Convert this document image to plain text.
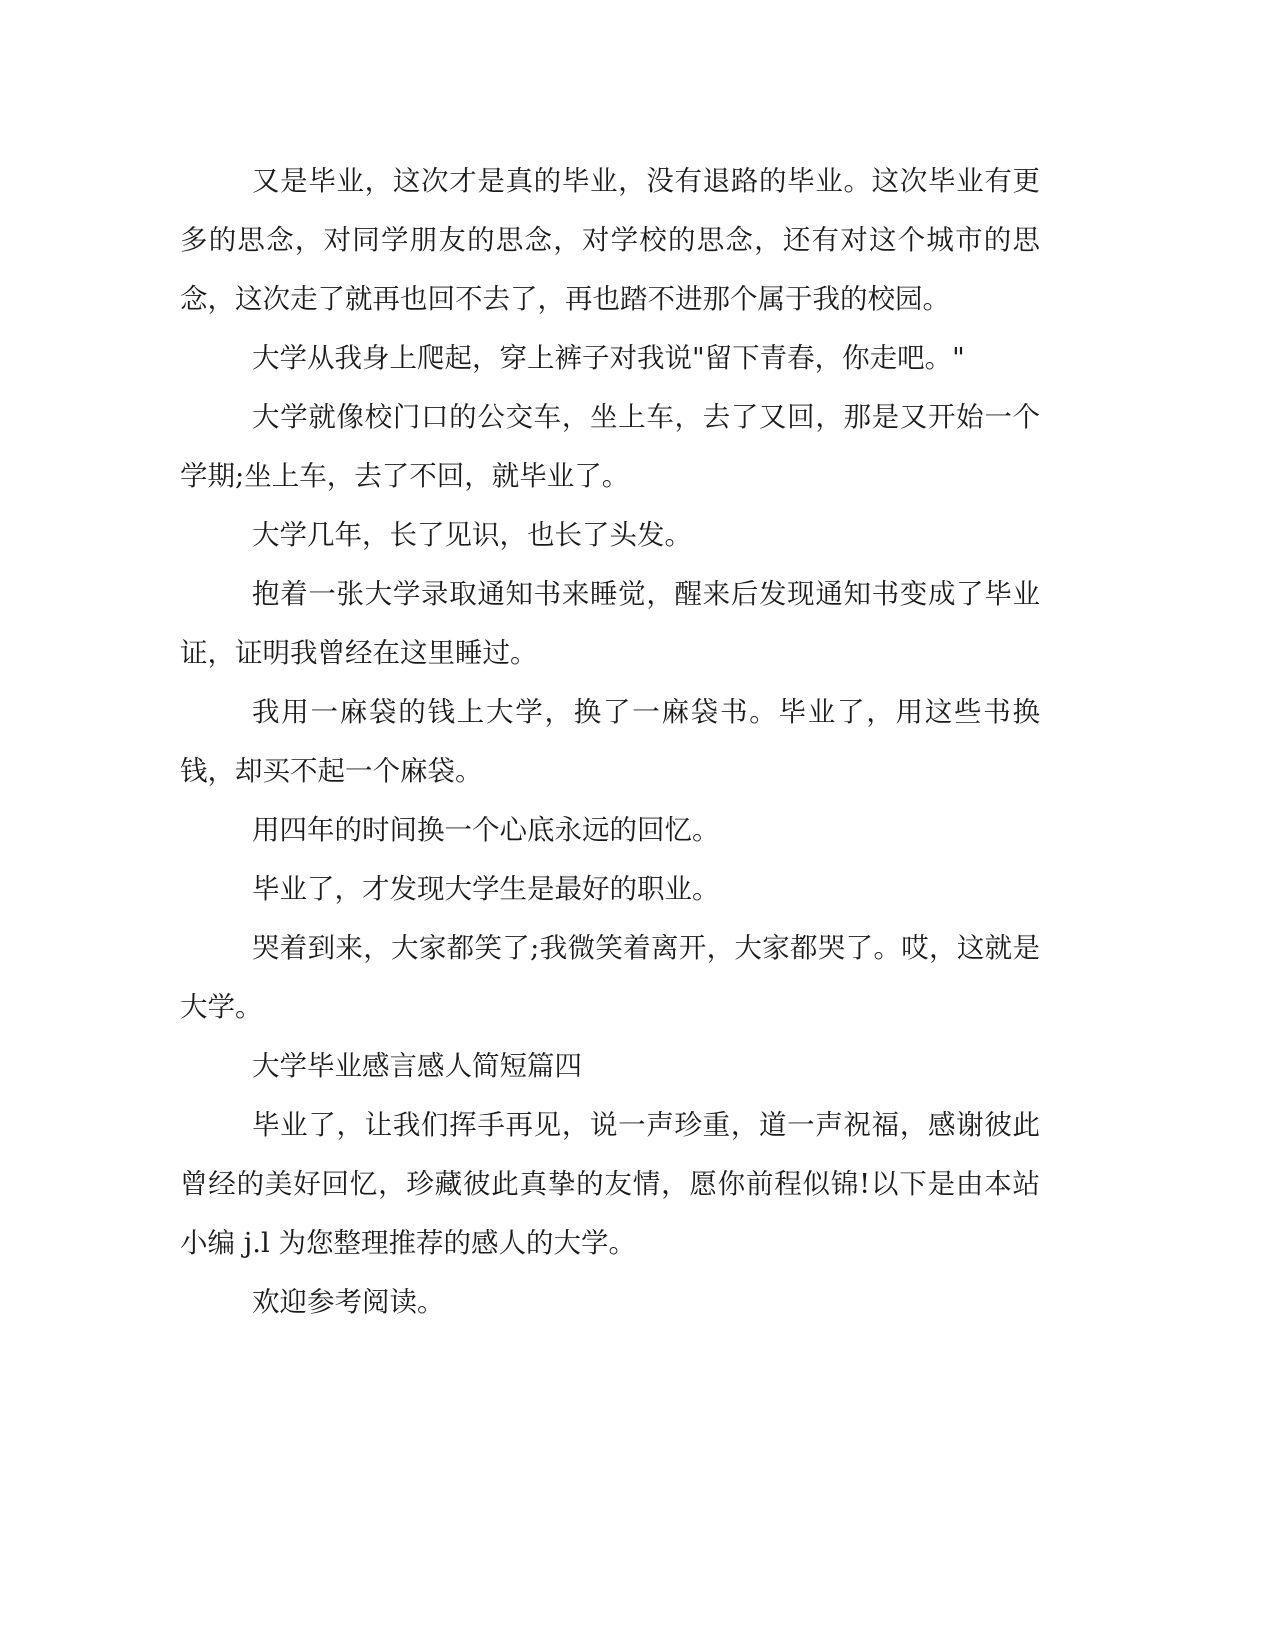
又是毕业，这次才是真的毕业，没有退路的毕业。这次毕业有更多的思念，对同学朋友的思念，对学校的思念，还有对这个城市的思念，这次走了就再也回不去了，再也踏不进那个属于我的校园。

大学从我身上爬起，穿上裤子对我说"留下青春，你走吧。"

大学就像校门口的公交车，坐上车，去了又回，那是又开始一个学期;坐上车，去了不回，就毕业了。

大学几年，长了见识，也长了头发。

抱着一张大学录取通知书来睡觉，醒来后发现通知书变成了毕业证，证明我曾经在这里睡过。

我用一麻袋的钱上大学，换了一麻袋书。毕业了，用这些书换钱，却买不起一个麻袋。

用四年的时间换一个心底永远的回忆。

毕业了，才发现大学生是最好的职业。

哭着到来，大家都笑了;我微笑着离开，大家都哭了。哎，这就是大学。

大学毕业感言感人简短篇四

毕业了，让我们挥手再见，说一声珍重，道一声祝福，感谢彼此曾经的美好回忆，珍藏彼此真挚的友情，愿你前程似锦!以下是由本站小编 j.l 为您整理推荐的感人的大学。

欢迎参考阅读。
